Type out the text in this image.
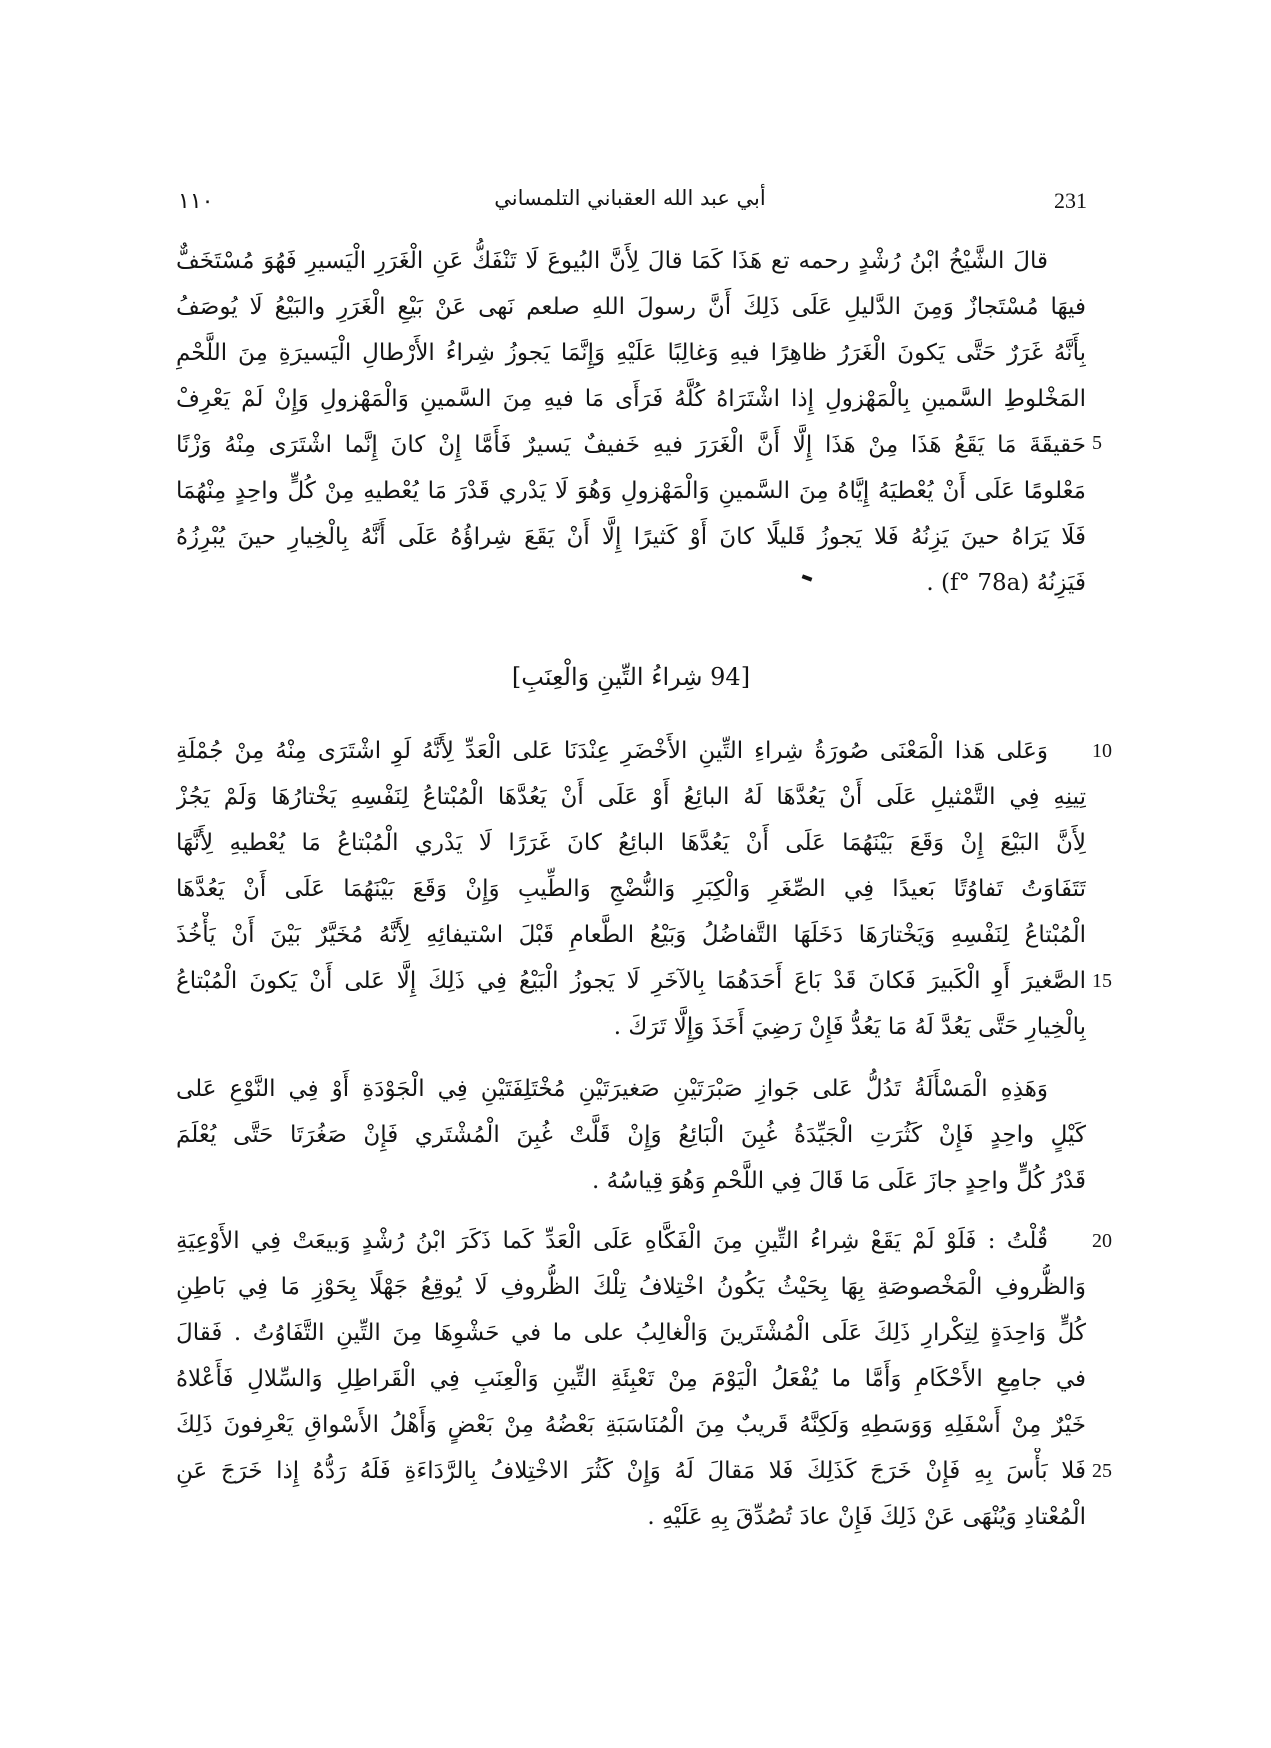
١١٠	أبي عبد الله العقباني التلمساني	231
قالَ الشَّيْخُ ابْنُ رُشْدٍ رحمه تع هَذَا كَمَا قالَ لِأَنَّ البُيوعَ لَا تَنْفَكُّ عَنِ الْغَرَرِ الْيَسيرِ فَهُوَ مُسْتَخَفٌّ
فيهَا مُسْتَجازٌ وَمِنَ الدَّليلِ عَلَى ذَلِكَ أَنَّ رسولَ اللهِ صلعم نَهى عَنْ بَيْعِ الْغَرَرِ والبَيْعُ لَا يُوصَفُ
بِأَنَّهُ غَرَرٌ حَتَّى يَكونَ الْغَرَرُ ظاهِرًا فيهِ وَغالِبًا عَلَيْهِ وَإِنَّمَا يَجوزُ شِراءُ الأَرْطالِ الْيَسيرَةِ مِنَ اللَّحْمِ
المَخْلوطِ السَّمينِ بِالْمَهْزولِ إِذا اشْتَرَاهُ كُلَّهُ فَرَأَى مَا فيهِ مِنَ السَّمينِ وَالْمَهْزولِ وَإِنْ لَمْ يَعْرِفْ
حَقيقَةَ مَا يَقَعُ هَذَا مِنْ هَذَا إِلَّا أَنَّ الْغَرَرَ فيهِ خَفيفٌ يَسيرٌ فَأَمَّا إِنْ كانَ إِنَّما اشْتَرَى مِنْهُ وَزْنًا
مَعْلومًا عَلَى أَنْ يُعْطيَهُ إِيَّاهُ مِنَ السَّمينِ وَالْمَهْزولِ وَهُوَ لَا يَدْري قَدْرَ مَا يُعْطيهِ مِنْ كُلٍّ واحِدٍ مِنْهُمَا
فَلَا يَرَاهُ حينَ يَزِنُهُ فَلا يَجوزُ قَليلًا كانَ أَوْ كَثيرًا إِلَّا أَنْ يَقَعَ شِراؤُهُ عَلَى أَنَّهُ بِالْخِيارِ حينَ يُبْرِزُهُ
فَيَزِنُهُ (f° 78a) .
[94 شِراءُ التِّينِ وَالْعِنَبِ]
وَعَلى هَذا الْمَعْنَى صُورَةُ شِراءِ التِّينِ الأَخْضَرِ عِنْدَنَا عَلى الْعَدِّ لِأَنَّهُ لَوِ اشْتَرَى مِنْهُ مِنْ جُمْلَةِ
تِينِهِ فِي التَّمْثيلِ عَلَى أَنْ يَعُدَّهَا لَهُ البائِعُ أَوْ عَلَى أَنْ يَعُدَّهَا الْمُبْتاعُ لِنَفْسِهِ يَخْتارُهَا وَلَمْ يَجُزْ
لِأَنَّ البَيْعَ إِنْ وَقَعَ بَيْنَهُمَا عَلَى أَنْ يَعُدَّهَا البائِعُ كانَ غَرَرًا لَا يَدْري الْمُبْتاعُ مَا يُعْطيهِ لِأَنَّهَا
تَتَفَاوَتُ تَفاوُتًا بَعيدًا فِي الصِّغَرِ وَالْكِبَرِ وَالنُّضْجِ وَالطِّيبِ وَإِنْ وَقَعَ بَيْنَهُمَا عَلَى أَنْ يَعُدَّهَا
الْمُبْتاعُ لِنَفْسِهِ وَيَخْتارَهَا دَخَلَهَا التَّفاضُلُ وَبَيْعُ الطَّعامِ قَبْلَ اسْتيفائِهِ لِأَنَّهُ مُخَيَّرٌ بَيْنَ أَنْ يَأْخُذَ
الصَّغيرَ أَوِ الْكَبيرَ فَكانَ قَدْ بَاعَ أَحَدَهُمَا بِالآخَرِ لَا يَجوزُ الْبَيْعُ فِي ذَلِكَ إِلَّا عَلى أَنْ يَكونَ الْمُبْتاعُ
بِالْخِيارِ حَتَّى يَعُدَّ لَهُ مَا يَعُدُّ فَإِنْ رَضِيَ أَخَذَ وَإِلَّا تَرَكَ .
وَهَذِهِ الْمَسْأَلَةُ تَدُلُّ عَلى جَوازِ صَبْرَتَيْنِ صَغيرَتَيْنِ مُخْتَلِفَتَيْنِ فِي الْجَوْدَةِ أَوْ فِي النَّوْعِ عَلى
كَيْلٍ واحِدٍ فَإِنْ كَثُرَتِ الْجَيِّدَةُ غُبِنَ الْبَائِعُ وَإِنْ قَلَّتْ غُبِنَ الْمُشْتَري فَإِنْ صَغُرَتَا حَتَّى يُعْلَمَ
قَدْرُ كُلٍّ واحِدٍ جازَ عَلَى مَا قَالَ فِي اللَّحْمِ وَهُوَ قِياسُهُ .
قُلْتُ : فَلَوْ لَمْ يَقَعْ شِراءُ التِّينِ مِنَ الْفَكَّاهِ عَلَى الْعَدِّ كَما ذَكَرَ ابْنُ رُشْدٍ وَبيعَتْ فِي الأَوْعِيَةِ
وَالظُّروفِ الْمَخْصوصَةِ بِهَا بِحَيْثُ يَكُونُ اخْتِلافُ تِلْكَ الظُّروفِ لَا يُوقِعُ جَهْلًا بِحَوْزِ مَا فِي بَاطِنِ
كُلٍّ وَاحِدَةٍ لِتِكْرارِ ذَلِكَ عَلَى الْمُشْتَرينَ وَالْغالِبُ على ما في حَشْوِهَا مِنَ التِّينِ التَّفَاوُتُ . فَقالَ
في جامِعِ الأَحْكَامِ وَأَمَّا ما يُفْعَلُ الْيَوْمَ مِنْ تَعْبِئَةِ التِّينِ وَالْعِنَبِ فِي الْقَراطِلِ وَالسِّلالِ فَأَعْلاهُ
خَيْرٌ مِنْ أَسْفَلِهِ وَوَسَطِهِ وَلَكِنَّهُ قَريبٌ مِنَ الْمُنَاسَبَةِ بَعْضُهُ مِنْ بَعْضٍ وَأَهْلُ الأَسْواقِ يَعْرِفونَ ذَلِكَ
فَلا بَأْسَ بِهِ فَإِنْ خَرَجَ كَذَلِكَ فَلا مَقالَ لَهُ وَإِنْ كَثُرَ الاخْتِلافُ بِالرَّدَاءَةِ فَلَهُ رَدُّهُ إِذا خَرَجَ عَنِ
الْمُعْتادِ وَيُنْهَى عَنْ ذَلِكَ فَإِنْ عادَ تُصُدِّقَ بِهِ عَلَيْهِ .
5
10
15
20
25
